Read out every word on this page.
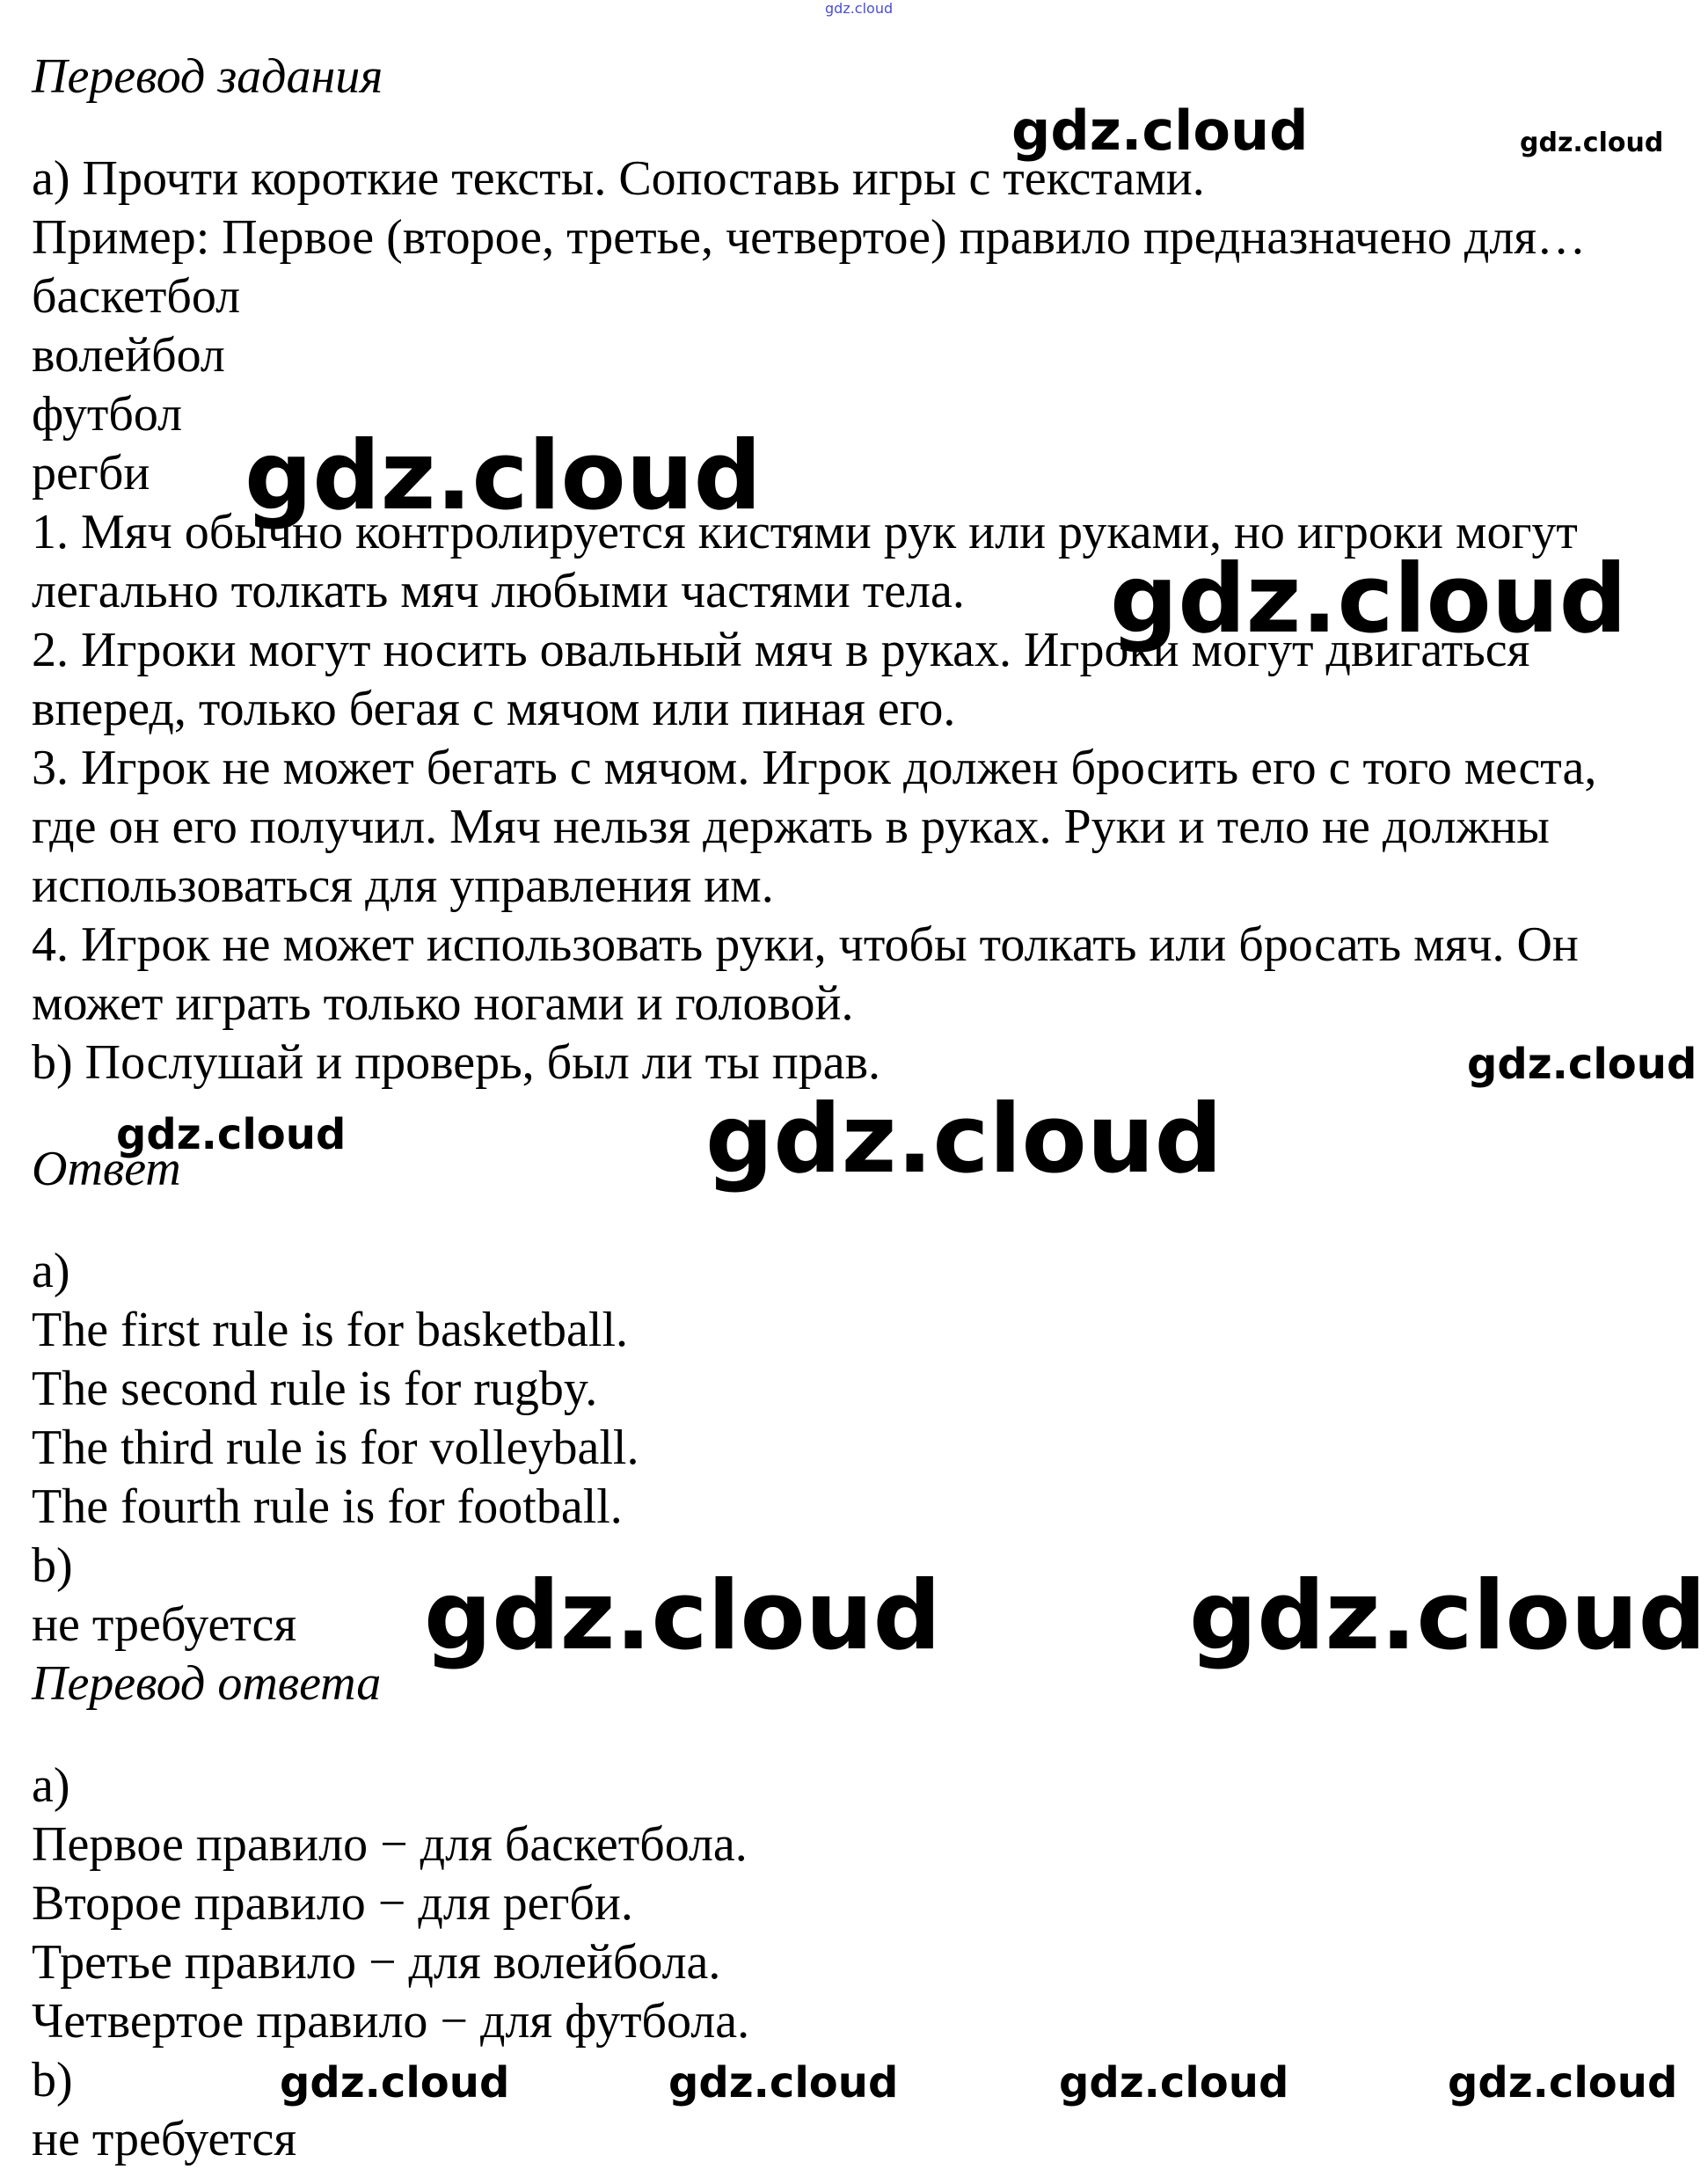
gdz.cloud
Перевод задания
a) Прочти короткие тексты. Сопоставь игры с текстами.
Пример: Первое (второе, третье, четвертое) правило предназначено для…
баскетбол
волейбол
футбол
регби
1. Мяч обычно контролируется кистями рук или руками, но игроки могут
легально толкать мяч любыми частями тела.
2. Игроки могут носить овальный мяч в руках. Игроки могут двигаться
вперед, только бегая с мячом или пиная его.
3. Игрок не может бегать с мячом. Игрок должен бросить его с того места,
где он его получил. Мяч нельзя держать в руках. Руки и тело не должны
использоваться для управления им.
4. Игрок не может использовать руки, чтобы толкать или бросать мяч. Он
может играть только ногами и головой.
b) Послушай и проверь, был ли ты прав.
Ответ
a)
The first rule is for basketball.
The second rule is for rugby.
The third rule is for volleyball.
The fourth rule is for football.
b)
не требуется
Перевод ответа
a)
Первое правило − для баскетбола.
Второе правило − для регби.
Третье правило − для волейбола.
Четвертое правило − для футбола.
b)
не требуется
gdz.cloud	gdz.cloud
gdz.cloud
gdz.cloud
gdz.cloud
gdz.cloud	gdz.cloud
gdz.cloud	gdz.cloud
gdz.cloud	gdz.cloud	gdz.cloud	gdz.cloud
